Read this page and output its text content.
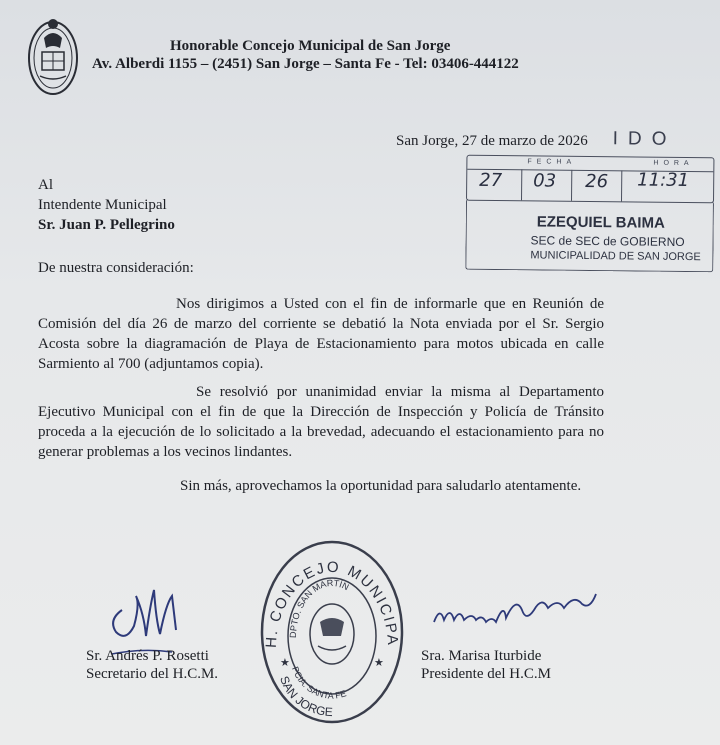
Honorable Concejo Municipal de San Jorge
Av. Alberdi 1155 – (2451) San Jorge – Santa Fe - Tel: 03406-444122
San Jorge, 27 de marzo de 2026 IDO
FECHA	HORA
27 03 26 11:31
EZEQUIEL BAIMA
SEC de SEC de GOBIERNO
MUNICIPALIDAD DE SAN JORGE
Al
Intendente Municipal
Sr. Juan P. Pellegrino
De nuestra consideración:
Nos dirigimos a Usted con el fin de informarle que en Reunión de Comisión del día 26 de marzo del corriente se debatió la Nota enviada por el Sr. Sergio Acosta sobre la diagramación de Playa de Estacionamiento para motos ubicada en calle Sarmiento al 700 (adjuntamos copia).
Se resolvió por unanimidad enviar la misma al Departamento Ejecutivo Municipal con el fin de que la Dirección de Inspección y Policía de Tránsito proceda a la ejecución de lo solicitado a la brevedad, adecuando el estacionamiento para no generar problemas a los vecinos lindantes.
Sin más, aprovechamos la oportunidad para saludarlo atentamente.
H. CONCEJO MUNICIPA
DPTO. SAN MARTÍN
PCIA. SANTA FE
SAN JORGE
★	★
Sr. Andrés P. Rosetti
Secretario del H.C.M.
Sra. Marisa Iturbide
Presidente del H.C.M
